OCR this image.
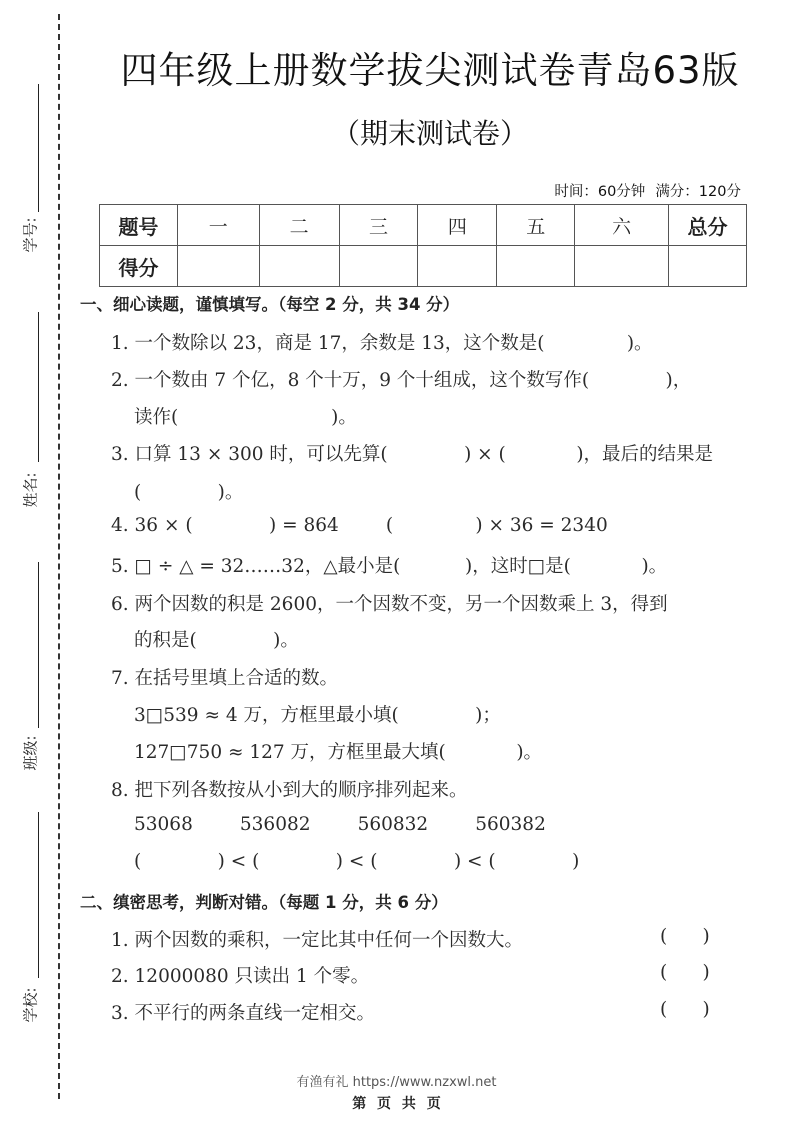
学号:
姓名:
班级:
学校:
四年级上册数学拔尖测试卷青岛63版
（期末测试卷）
时间：60分钟 满分：120分
题号	一	二	三	四	五	六	总分
得分							
一、细心读题，谨慎填写。（每空 2 分，共 34 分）
1. 一个数除以 23，商是 17，余数是 13，这个数是(              )。
2. 一个数由 7 个亿，8 个十万，9 个十组成，这个数写作(             )，
读作(                          )。
3. 口算 13 × 300 时，可以先算(             ) × (            )，最后的结果是
(             )。
4. 36 × (             ) = 864        (              ) × 36 = 2340
5. □ ÷ △ = 32……32，△最小是(           )，这时□是(            )。
6. 两个因数的积是 2600，一个因数不变，另一个因数乘上 3，得到
的积是(             )。
7. 在括号里填上合适的数。
3□539 ≈ 4 万，方框里最小填(             )；
127□750 ≈ 127 万，方框里最大填(            )。
8. 把下列各数按从小到大的顺序排列起来。
53068        536082        560832        560382
(             ) < (             ) < (             ) < (             )
二、缜密思考，判断对错。（每题 1 分，共 6 分）
1. 两个因数的乘积，一定比其中任何一个因数大。	(      )
2. 12000080 只读出 1 个零。	(      )
3. 不平行的两条直线一定相交。	(      )
有渔有礼 https://www.nzxwl.net
第 页 共 页
